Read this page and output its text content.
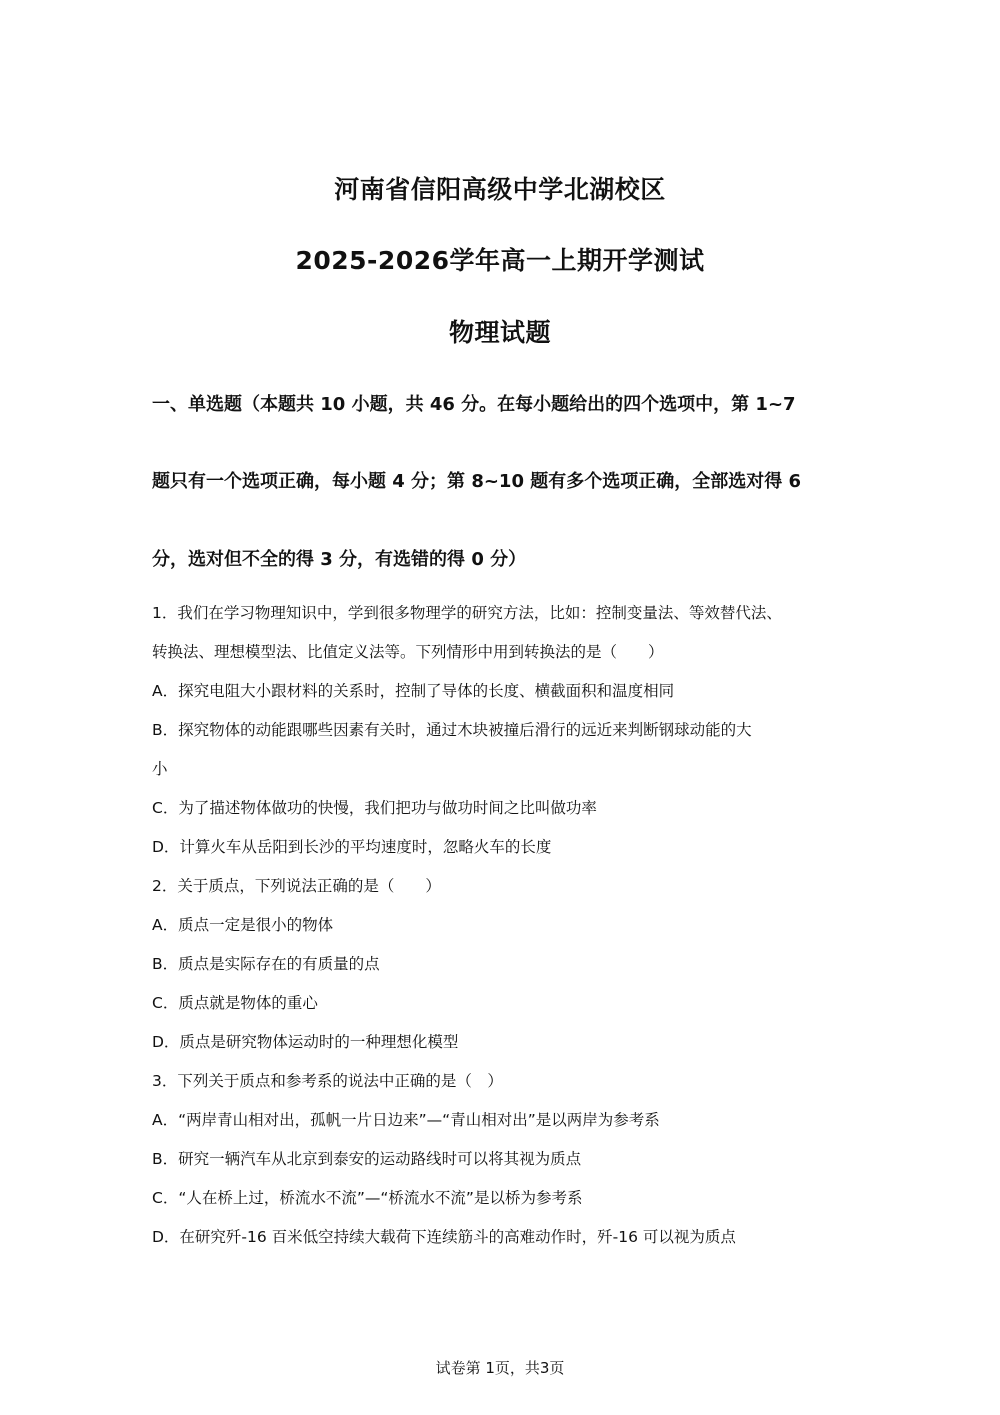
河南省信阳高级中学北湖校区
2025-2026学年高一上期开学测试
物理试题
一、单选题（本题共 10 小题，共 46 分。在每小题给出的四个选项中，第 1~7
题只有一个选项正确，每小题 4 分；第 8~10 题有多个选项正确，全部选对得 6
分，选对但不全的得 3 分，有选错的得 0 分）
1．我们在学习物理知识中，学到很多物理学的研究方法，比如：控制变量法、等效替代法、
转换法、理想模型法、比值定义法等。下列情形中用到转换法的是（　　）
A．探究电阻大小跟材料的关系时，控制了导体的长度、横截面积和温度相同
B．探究物体的动能跟哪些因素有关时，通过木块被撞后滑行的远近来判断钢球动能的大
小
C．为了描述物体做功的快慢，我们把功与做功时间之比叫做功率
D．计算火车从岳阳到长沙的平均速度时，忽略火车的长度
2．关于质点，下列说法正确的是（　　）
A．质点一定是很小的物体
B．质点是实际存在的有质量的点
C．质点就是物体的重心
D．质点是研究物体运动时的一种理想化模型
3．下列关于质点和参考系的说法中正确的是（　）
A．“两岸青山相对出，孤帆一片日边来”—“青山相对出”是以两岸为参考系
B．研究一辆汽车从北京到泰安的运动路线时可以将其视为质点
C．“人在桥上过，桥流水不流”—“桥流水不流”是以桥为参考系
D．在研究歼-16 百米低空持续大载荷下连续筋斗的高难动作时，歼-16 可以视为质点
试卷第 1页，共3页
